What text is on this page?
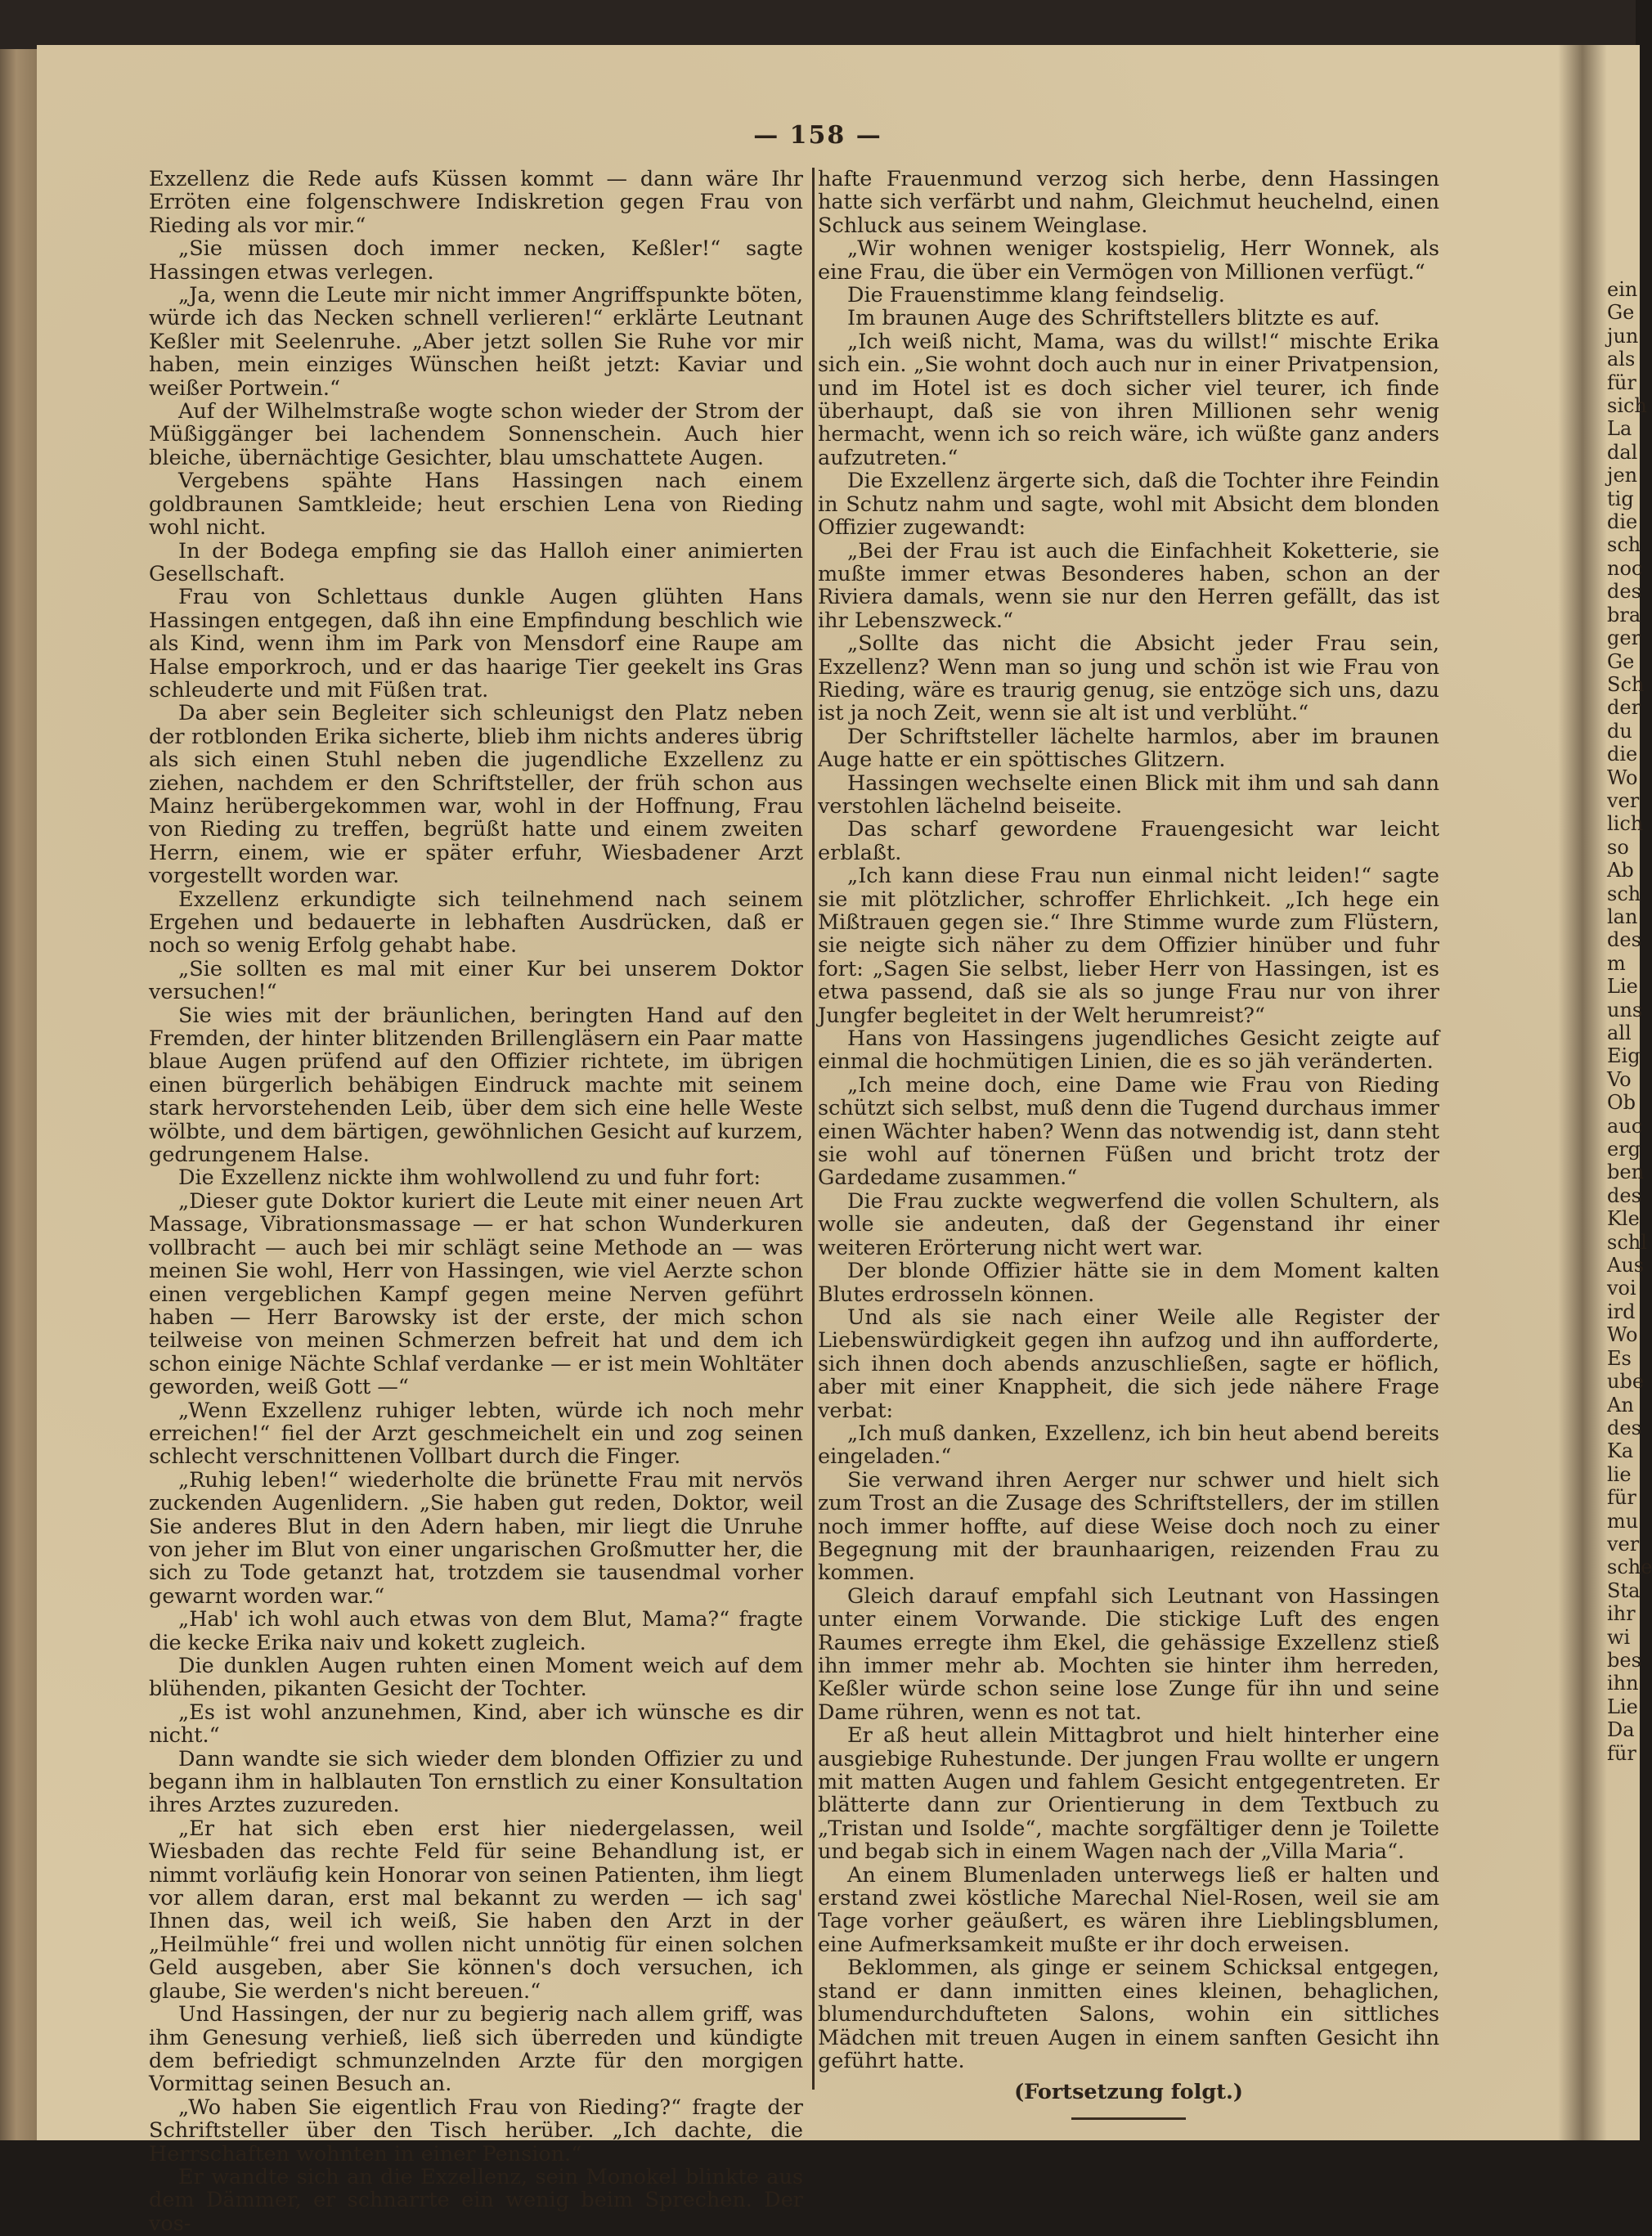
— 158 —

Exzellenz die Rede aufs Küssen kommt — dann wäre Ihr Erröten eine folgenschwere Indiskretion gegen Frau von Rieding als vor mir.“

„Sie müssen doch immer necken, Keßler!“ sagte Hassingen etwas verlegen.

„Ja, wenn die Leute mir nicht immer Angriffspunkte böten, würde ich das Necken schnell verlieren!“ erklärte Leutnant Keßler mit Seelenruhe. „Aber jetzt sollen Sie Ruhe vor mir haben, mein einziges Wünschen heißt jetzt: Kaviar und weißer Portwein.“

Auf der Wilhelmstraße wogte schon wieder der Strom der Müßiggänger bei lachendem Sonnenschein. Auch hier bleiche, übernächtige Gesichter, blau umschattete Augen.

Vergebens spähte Hans Hassingen nach einem goldbraunen Samtkleide; heut erschien Lena von Rieding wohl nicht.

In der Bodega empfing sie das Halloh einer animierten Gesellschaft.

Frau von Schlettaus dunkle Augen glühten Hans Hassingen entgegen, daß ihn eine Empfindung beschlich wie als Kind, wenn ihm im Park von Mensdorf eine Raupe am Halse emporkroch, und er das haarige Tier geekelt ins Gras schleuderte und mit Füßen trat.

Da aber sein Begleiter sich schleunigst den Platz neben der rotblonden Erika sicherte, blieb ihm nichts anderes übrig als sich einen Stuhl neben die jugendliche Exzellenz zu ziehen, nachdem er den Schriftsteller, der früh schon aus Mainz herübergekommen war, wohl in der Hoffnung, Frau von Rieding zu treffen, begrüßt hatte und einem zweiten Herrn, einem, wie er später erfuhr, Wiesbadener Arzt vorgestellt worden war.

Exzellenz erkundigte sich teilnehmend nach seinem Ergehen und bedauerte in lebhaften Ausdrücken, daß er noch so wenig Erfolg gehabt habe.

„Sie sollten es mal mit einer Kur bei unserem Doktor versuchen!“

Sie wies mit der bräunlichen, beringten Hand auf den Fremden, der hinter blitzenden Brillengläsern ein Paar matte blaue Augen prüfend auf den Offizier richtete, im übrigen einen bürgerlich behäbigen Eindruck machte mit seinem stark hervorstehenden Leib, über dem sich eine helle Weste wölbte, und dem bärtigen, gewöhnlichen Gesicht auf kurzem, gedrungenem Halse.

Die Exzellenz nickte ihm wohlwollend zu und fuhr fort:

„Dieser gute Doktor kuriert die Leute mit einer neuen Art Massage, Vibrationsmassage — er hat schon Wunderkuren vollbracht — auch bei mir schlägt seine Methode an — was meinen Sie wohl, Herr von Hassingen, wie viel Aerzte schon einen vergeblichen Kampf gegen meine Nerven geführt haben — Herr Barowsky ist der erste, der mich schon teilweise von meinen Schmerzen befreit hat und dem ich schon einige Nächte Schlaf verdanke — er ist mein Wohltäter geworden, weiß Gott —“

„Wenn Exzellenz ruhiger lebten, würde ich noch mehr erreichen!“ fiel der Arzt geschmeichelt ein und zog seinen schlecht verschnittenen Vollbart durch die Finger.

„Ruhig leben!“ wiederholte die brünette Frau mit nervös zuckenden Augenlidern. „Sie haben gut reden, Doktor, weil Sie anderes Blut in den Adern haben, mir liegt die Unruhe von jeher im Blut von einer ungarischen Großmutter her, die sich zu Tode getanzt hat, trotzdem sie tausendmal vorher gewarnt worden war.“

„Hab' ich wohl auch etwas von dem Blut, Mama?“ fragte die kecke Erika naiv und kokett zugleich.

Die dunklen Augen ruhten einen Moment weich auf dem blühenden, pikanten Gesicht der Tochter.

„Es ist wohl anzunehmen, Kind, aber ich wünsche es dir nicht.“

Dann wandte sie sich wieder dem blonden Offizier zu und begann ihm in halblauten Ton ernstlich zu einer Konsultation ihres Arztes zuzureden.

„Er hat sich eben erst hier niedergelassen, weil Wiesbaden das rechte Feld für seine Behandlung ist, er nimmt vorläufig kein Honorar von seinen Patienten, ihm liegt vor allem daran, erst mal bekannt zu werden — ich sag' Ihnen das, weil ich weiß, Sie haben den Arzt in der „Heilmühle“ frei und wollen nicht unnötig für einen solchen Geld ausgeben, aber Sie können's doch versuchen, ich glaube, Sie werden's nicht bereuen.“

Und Hassingen, der nur zu begierig nach allem griff, was ihm Genesung verhieß, ließ sich überreden und kündigte dem befriedigt schmunzelnden Arzte für den morgigen Vormittag seinen Besuch an.

„Wo haben Sie eigentlich Frau von Rieding?“ fragte der Schriftsteller über den Tisch herüber. „Ich dachte, die Herrschaften wohnten in einer Pension.“

Er wandte sich an die Exzellenz, sein Monokel blinkte aus dem Dämmer, er schnarrte ein wenig beim Sprechen. Der vos-

hafte Frauenmund verzog sich herbe, denn Hassingen hatte sich verfärbt und nahm, Gleichmut heuchelnd, einen Schluck aus seinem Weinglase.

„Wir wohnen weniger kostspielig, Herr Wonnek, als eine Frau, die über ein Vermögen von Millionen verfügt.“

Die Frauenstimme klang feindselig.

Im braunen Auge des Schriftstellers blitzte es auf.

„Ich weiß nicht, Mama, was du willst!“ mischte Erika sich ein. „Sie wohnt doch auch nur in einer Privatpension, und im Hotel ist es doch sicher viel teurer, ich finde überhaupt, daß sie von ihren Millionen sehr wenig hermacht, wenn ich so reich wäre, ich wüßte ganz anders aufzutreten.“

Die Exzellenz ärgerte sich, daß die Tochter ihre Feindin in Schutz nahm und sagte, wohl mit Absicht dem blonden Offizier zugewandt:

„Bei der Frau ist auch die Einfachheit Koketterie, sie mußte immer etwas Besonderes haben, schon an der Riviera damals, wenn sie nur den Herren gefällt, das ist ihr Lebenszweck.“

„Sollte das nicht die Absicht jeder Frau sein, Exzellenz? Wenn man so jung und schön ist wie Frau von Rieding, wäre es traurig genug, sie entzöge sich uns, dazu ist ja noch Zeit, wenn sie alt ist und verblüht.“

Der Schriftsteller lächelte harmlos, aber im braunen Auge hatte er ein spöttisches Glitzern.

Hassingen wechselte einen Blick mit ihm und sah dann verstohlen lächelnd beiseite.

Das scharf gewordene Frauengesicht war leicht erblaßt.

„Ich kann diese Frau nun einmal nicht leiden!“ sagte sie mit plötzlicher, schroffer Ehrlichkeit. „Ich hege ein Mißtrauen gegen sie.“ Ihre Stimme wurde zum Flüstern, sie neigte sich näher zu dem Offizier hinüber und fuhr fort: „Sagen Sie selbst, lieber Herr von Hassingen, ist es etwa passend, daß sie als so junge Frau nur von ihrer Jungfer begleitet in der Welt herumreist?“

Hans von Hassingens jugendliches Gesicht zeigte auf einmal die hochmütigen Linien, die es so jäh veränderten.

„Ich meine doch, eine Dame wie Frau von Rieding schützt sich selbst, muß denn die Tugend durchaus immer einen Wächter haben? Wenn das notwendig ist, dann steht sie wohl auf tönernen Füßen und bricht trotz der Gardedame zusammen.“

Die Frau zuckte wegwerfend die vollen Schultern, als wolle sie andeuten, daß der Gegenstand ihr einer weiteren Erörterung nicht wert war.

Der blonde Offizier hätte sie in dem Moment kalten Blutes erdrosseln können.

Und als sie nach einer Weile alle Register der Liebenswürdigkeit gegen ihn aufzog und ihn aufforderte, sich ihnen doch abends anzuschließen, sagte er höflich, aber mit einer Knappheit, die sich jede nähere Frage verbat:

„Ich muß danken, Exzellenz, ich bin heut abend bereits eingeladen.“

Sie verwand ihren Aerger nur schwer und hielt sich zum Trost an die Zusage des Schriftstellers, der im stillen noch immer hoffte, auf diese Weise doch noch zu einer Begegnung mit der braunhaarigen, reizenden Frau zu kommen.

Gleich darauf empfahl sich Leutnant von Hassingen unter einem Vorwande. Die stickige Luft des engen Raumes erregte ihm Ekel, die gehässige Exzellenz stieß ihn immer mehr ab. Mochten sie hinter ihm herreden, Keßler würde schon seine lose Zunge für ihn und seine Dame rühren, wenn es not tat.

Er aß heut allein Mittagbrot und hielt hinterher eine ausgiebige Ruhestunde. Der jungen Frau wollte er ungern mit matten Augen und fahlem Gesicht entgegentreten. Er blätterte dann zur Orientierung in dem Textbuch zu „Tristan und Isolde“, machte sorgfältiger denn je Toilette und begab sich in einem Wagen nach der „Villa Maria“.

An einem Blumenladen unterwegs ließ er halten und erstand zwei köstliche Marechal Niel-Rosen, weil sie am Tage vorher geäußert, es wären ihre Lieblingsblumen, eine Aufmerksamkeit mußte er ihr doch erweisen.

Beklommen, als ginge er seinem Schicksal entgegen, stand er dann inmitten eines kleinen, behaglichen, blumendurchdufteten Salons, wohin ein sittliches Mädchen mit treuen Augen in einem sanften Gesicht ihn geführt hatte.

(Fortsetzung folgt.)

ein
Ge
jun
als
für
sich
La
dal
jen
tig
die
sch
noc
des
bra
ger
Ge
Sch
der
du
die
Wo
ver
lich
so
Ab
sch
lan
des
m
Lie
uns
all
Eig
Vo
Ob
auc
erg
ben
des
Kle
schl
Aus
voi
ird
Wo
Es
ube
An
des
Ka
lie
für
mu
ver
sche
Sta
ihr
wi
bes
ihn
Lie
Da
für
